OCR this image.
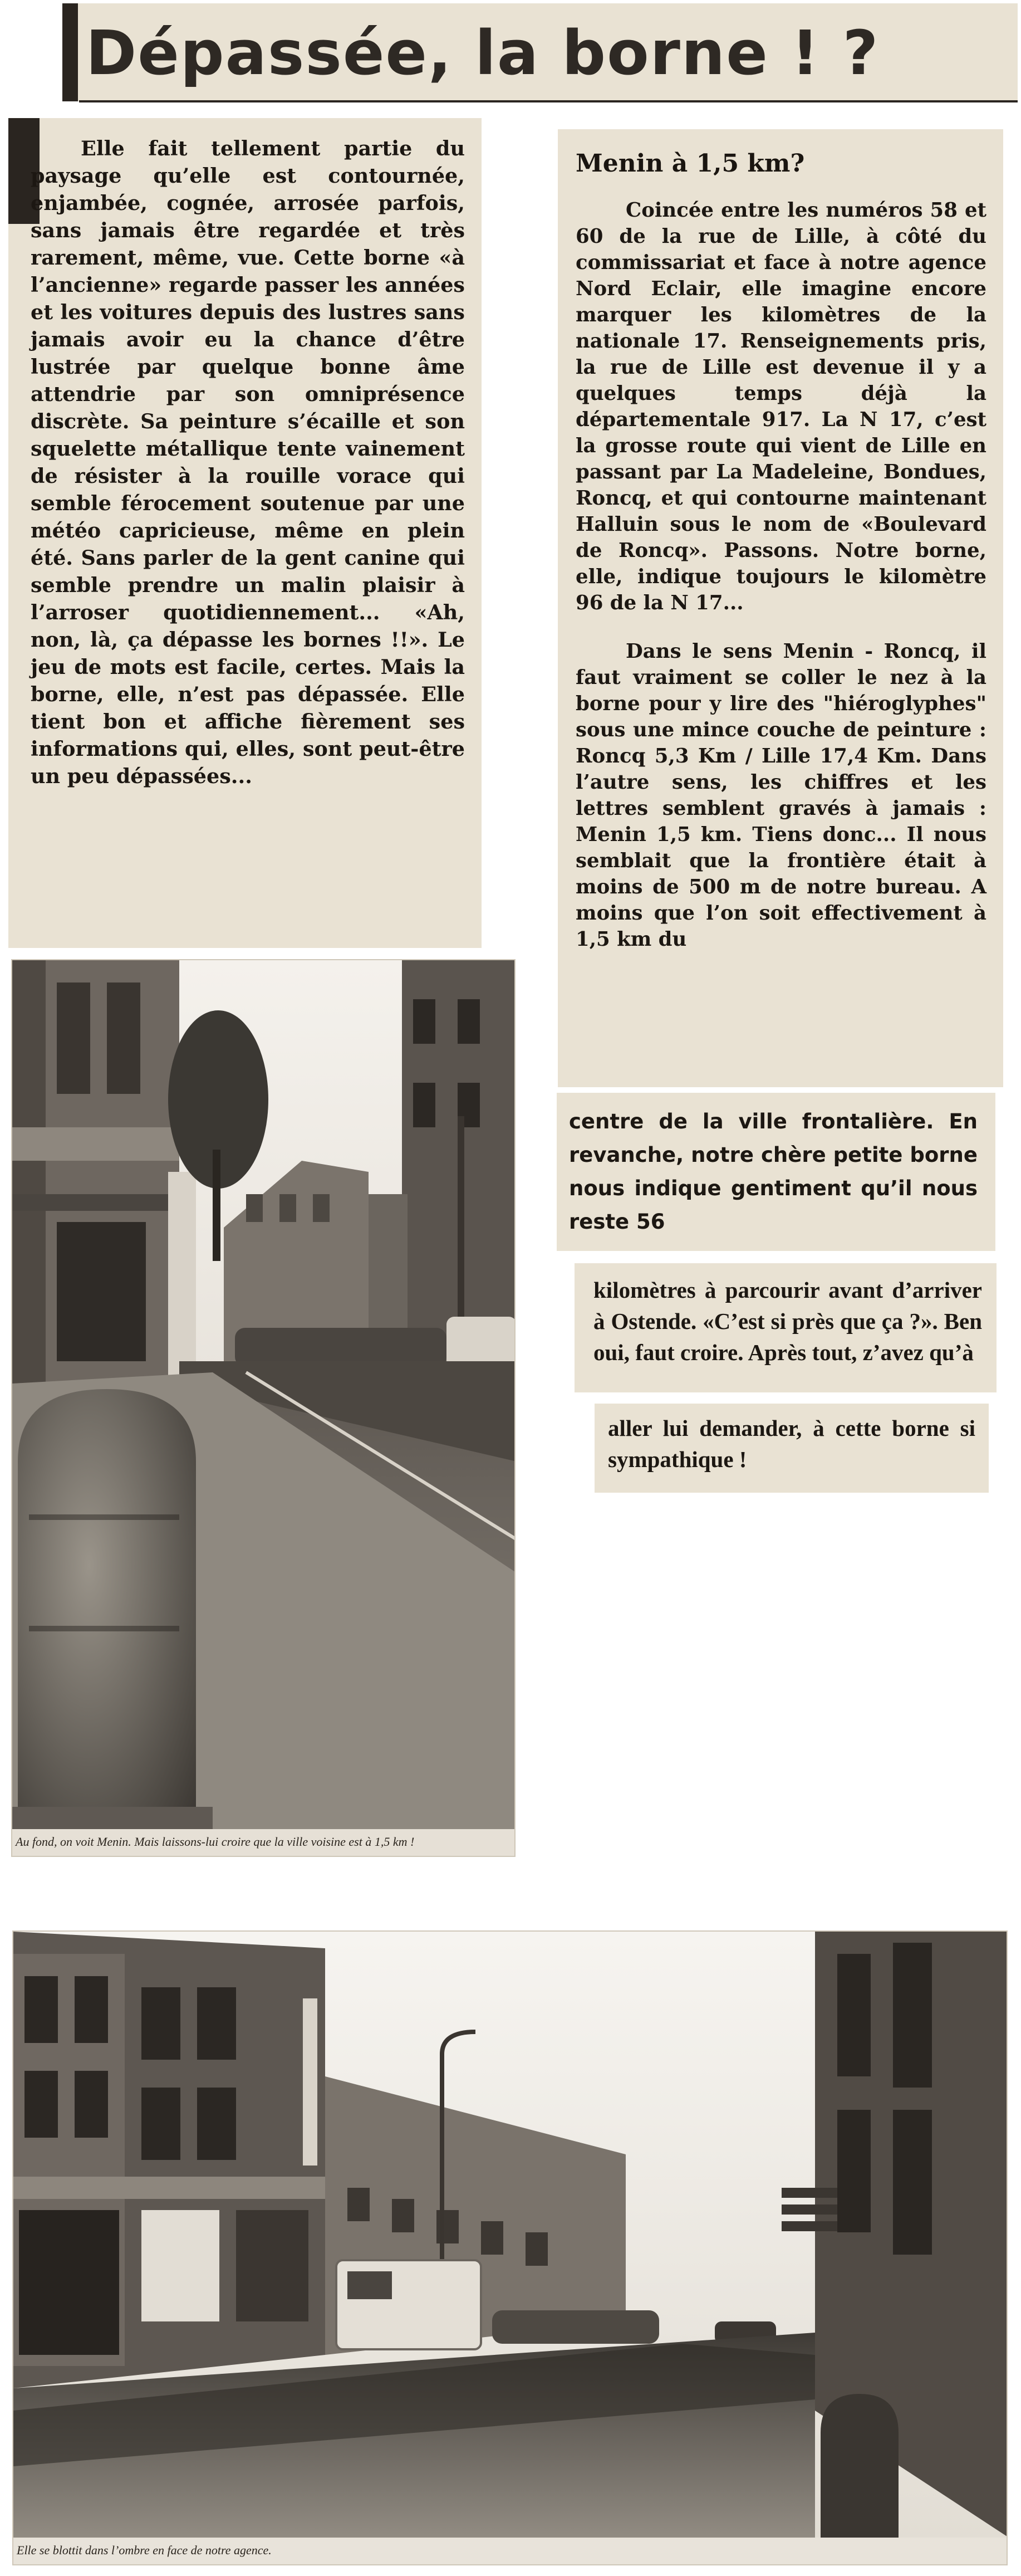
Dépassée, la borne ! ?

Elle fait tellement partie du paysage qu’elle est contournée, enjambée, cognée, arrosée parfois, sans jamais être regardée et très rarement, même, vue. Cette borne «à l’ancienne» regarde passer les années et les voitures depuis des lustres sans jamais avoir eu la chance d’être lustrée par quelque bonne âme attendrie par son omniprésence discrète. Sa peinture s’écaille et son squelette métallique tente vainement de résister à la rouille vorace qui semble férocement soutenue par une météo capricieuse, même en plein été. Sans parler de la gent canine qui semble prendre un malin plaisir à l’arroser quotidiennement... «Ah, non, là, ça dépasse les bornes !!». Le jeu de mots est facile, certes. Mais la borne, elle, n’est pas dépassée. Elle tient bon et affiche fièrement ses informations qui, elles, sont peut-être un peu dépassées...

Menin à 1,5 km?

Coincée entre les numéros 58 et 60 de la rue de Lille, à côté du commissariat et face à notre agence Nord Eclair, elle imagine encore marquer les kilomètres de la nationale 17. Renseignements pris, la rue de Lille est devenue il y a quelques temps déjà la départementale 917. La N 17, c’est la grosse route qui vient de Lille en passant par La Madeleine, Bondues, Roncq, et qui contourne maintenant Halluin sous le nom de «Boulevard de Roncq». Passons. Notre borne, elle, indique toujours le kilomètre 96 de la N 17...

Dans le sens Menin - Roncq, il faut vraiment se coller le nez à la borne pour y lire des "hiéroglyphes" sous une mince couche de peinture : Roncq 5,3 Km / Lille 17,4 Km. Dans l’autre sens, les chiffres et les lettres semblent gravés à jamais : Menin 1,5 km. Tiens donc... Il nous semblait que la frontière était à moins de 500 m de notre bureau. A moins que l’on soit effectivement à 1,5 km du

centre de la ville frontalière. En revanche, notre chère petite borne nous indique gentiment qu’il nous reste 56

kilomètres à parcourir avant d’arriver à Ostende. «C’est si près que ça ?». Ben oui, faut croire. Après tout, z’avez qu’à

aller lui demander, à cette borne si sympathique !

Au fond, on voit Menin. Mais laissons-lui croire que la ville voisine est à 1,5 km !
Elle se blottit dans l’ombre en face de notre agence.
